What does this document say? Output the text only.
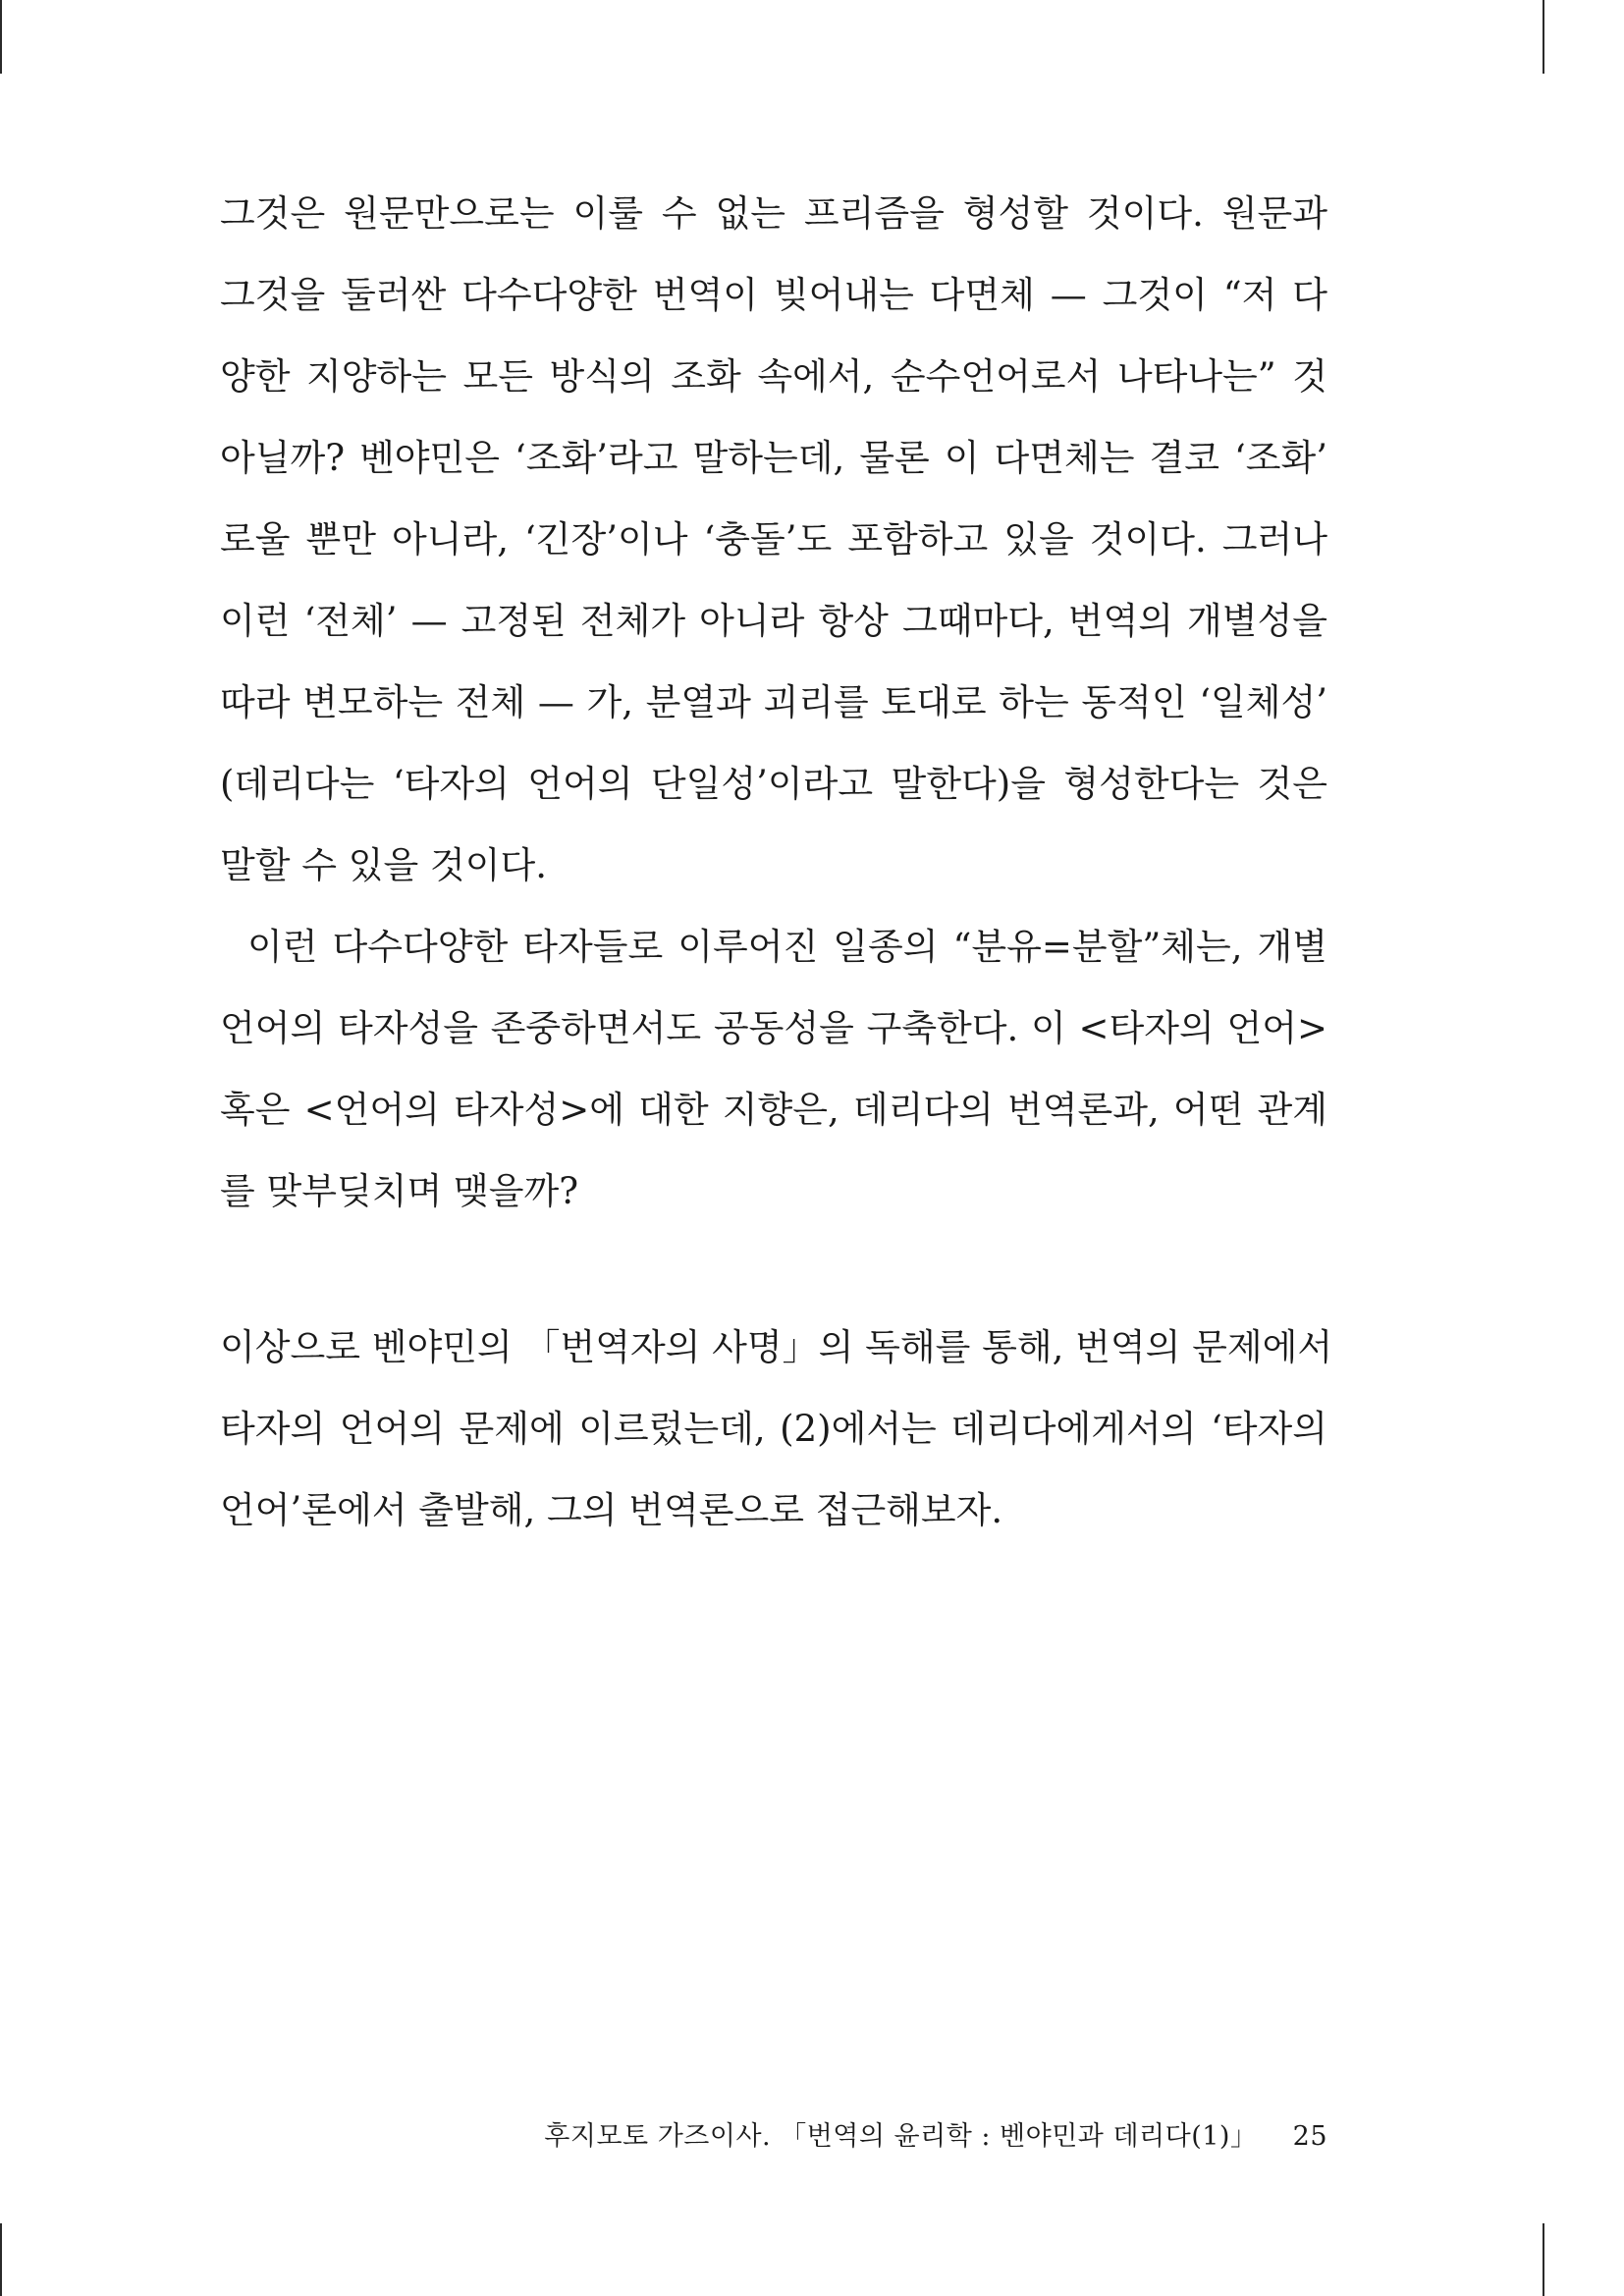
그것은 원문만으로는 이룰 수 없는 프리즘을 형성할 것이다. 원문과
그것을 둘러싼 다수다양한 번역이 빚어내는 다면체 — 그것이 “저 다
양한 지양하는 모든 방식의 조화 속에서, 순수언어로서 나타나는” 것
아닐까? 벤야민은 ‘조화’라고 말하는데, 물론 이 다면체는 결코 ‘조화’
로울 뿐만 아니라, ‘긴장’이나 ‘충돌’도 포함하고 있을 것이다. 그러나
이런 ‘전체’ — 고정된 전체가 아니라 항상 그때마다, 번역의 개별성을
따라 변모하는 전체 — 가, 분열과 괴리를 토대로 하는 동적인 ‘일체성’
(데리다는 ‘타자의 언어의 단일성’이라고 말한다)을 형성한다는 것은
말할 수 있을 것이다.
이런 다수다양한 타자들로 이루어진 일종의 “분유=분할”체는, 개별
언어의 타자성을 존중하면서도 공동성을 구축한다. 이 <타자의 언어>
혹은 <언어의 타자성>에 대한 지향은, 데리다의 번역론과, 어떤 관계
를 맞부딪치며 맺을까?
이상으로 벤야민의 「번역자의 사명」의 독해를 통해, 번역의 문제에서
타자의 언어의 문제에 이르렀는데, (2)에서는 데리다에게서의 ‘타자의
언어’론에서 출발해, 그의 번역론으로 접근해보자.
후지모토 가즈이사. 「번역의 윤리학 : 벤야민과 데리다(1)」 25
